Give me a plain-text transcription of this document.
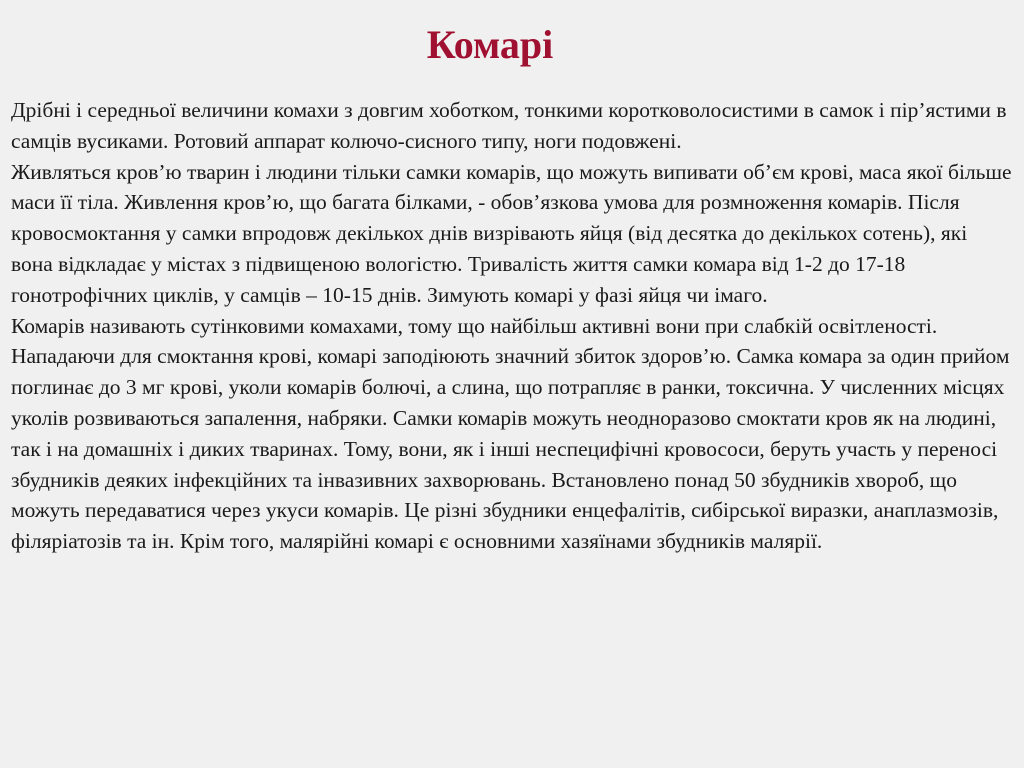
Комарі
Дрібні і середньої величини комахи з довгим хоботком, тонкими коротковолосистими в самок і пір’ястими в самців вусиками. Ротовий аппарат колючо-сисного типу, ноги подовжені.
Живляться кров’ю тварин і людини тільки самки комарів, що можуть випивати об’єм крові, маса якої більше маси її тіла. Живлення кров’ю, що багата білками, - обов’язкова умова для розмноження комарів. Після кровосмоктання у самки впродовж декількох днів визрівають яйця (від десятка до декількох сотень), які вона відкладає у містах з підвищеною вологістю. Тривалість життя самки комара від 1-2 до 17-18 гонотрофічних циклів, у самців – 10-15 днів. Зимують комарі у фазі яйця чи імаго.
Комарів називають сутінковими комахами, тому що найбільш активні вони при слабкій освітленості. Нападаючи для смоктання крові, комарі заподіюють значний збиток здоров’ю. Самка комара за один прийом поглинає до 3 мг крові, уколи комарів болючі, а слина, що потрапляє в ранки, токсична. У численних місцях уколів розвиваються запалення, набряки. Самки комарів можуть неодноразово смоктати кров як на людині, так і на домашніх і диких тваринах. Тому, вони, як і інші неспецифічні кровососи, беруть участь у переносі збудників деяких інфекційних та інвазивних захворювань. Встановлено понад 50 збудників хвороб, що можуть передаватися через укуси комарів. Це різні збудники енцефалітів, сибірської виразки, анаплазмозів, філяріатозів та ін. Крім того, малярійні комарі є основними хазяїнами збудників малярії.
